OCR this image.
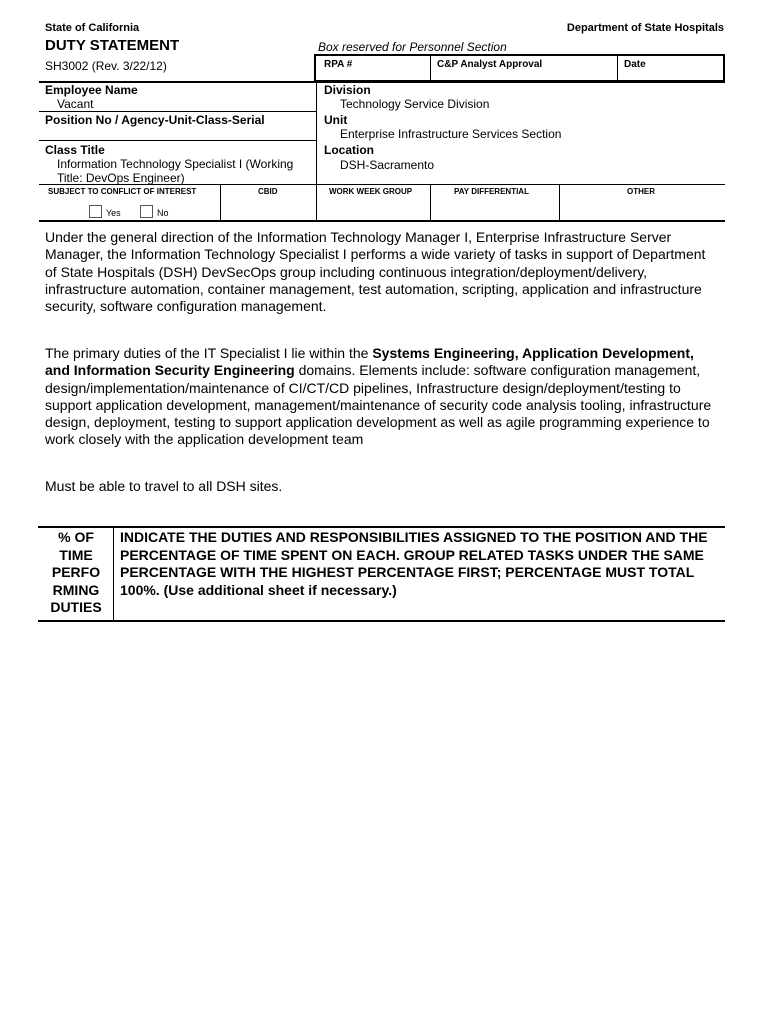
State of California	Department of State Hospitals
DUTY STATEMENT
SH3002 (Rev. 3/22/12)
Box reserved for Personnel Section
RPA #	C&P Analyst Approval	Date
Employee Name
Vacant
Position No / Agency-Unit-Class-Serial
Class Title
Information Technology Specialist I (Working Title: DevOps Engineer)
Division
Technology Service Division
Unit
Enterprise Infrastructure Services Section
Location
DSH-Sacramento
SUBJECT TO CONFLICT OF INTEREST
Yes	No
CBID	WORK WEEK GROUP	PAY DIFFERENTIAL	OTHER
Under the general direction of the Information Technology Manager I, Enterprise Infrastructure Server Manager, the Information Technology Specialist I performs a wide variety of tasks in support of Department of State Hospitals (DSH) DevSecOps group including continuous integration/deployment/delivery, infrastructure automation, container management, test automation, scripting, application and infrastructure security, software configuration management.
The primary duties of the IT Specialist I lie within the Systems Engineering, Application Development, and Information Security Engineering domains. Elements include: software configuration management, design/implementation/maintenance of CI/CT/CD pipelines, Infrastructure design/deployment/testing to support application development, management/maintenance of security code analysis tooling, infrastructure design, deployment, testing to support application development as well as agile programming experience to work closely with the application development team
Must be able to travel to all DSH sites.
% OF TIME PERFO RMING DUTIES
INDICATE THE DUTIES AND RESPONSIBILITIES ASSIGNED TO THE POSITION AND THE PERCENTAGE OF TIME SPENT ON EACH. GROUP RELATED TASKS UNDER THE SAME PERCENTAGE WITH THE HIGHEST PERCENTAGE FIRST; PERCENTAGE MUST TOTAL 100%. (Use additional sheet if necessary.)
